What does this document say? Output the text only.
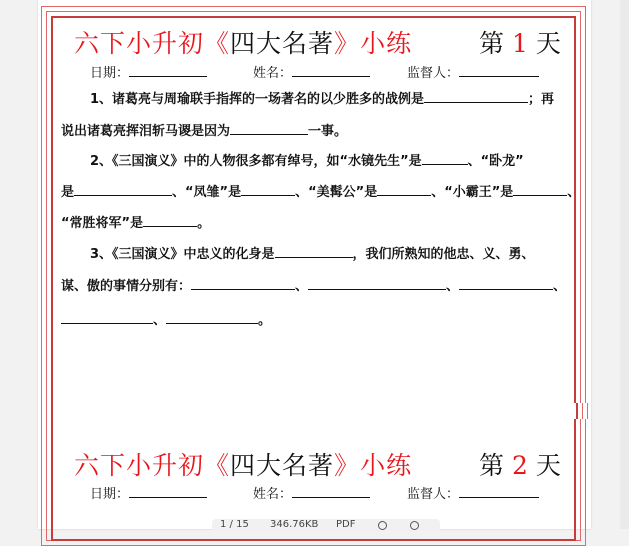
六下小升初《四大名著》小练	第 1 天
日期：	姓名：	监督人：
1、诸葛亮与周瑜联手指挥的一场著名的以少胜多的战例是	；再
说出诸葛亮挥泪斩马谡是因为	一事。
2、《三国演义》中的人物很多都有绰号，如“水镜先生”是	、“卧龙”
是	、“凤雏”是	、“美髯公”是	、“小霸王”是	、
“常胜将军”是	。
3、《三国演义》中忠义的化身是	，我们所熟知的他忠、义、勇、
谋、傲的事情分别有：	、	、	、
、	。
六下小升初《四大名著》小练	第 2 天
日期：	姓名：	监督人：
1 / 15 346.76KB PDF
